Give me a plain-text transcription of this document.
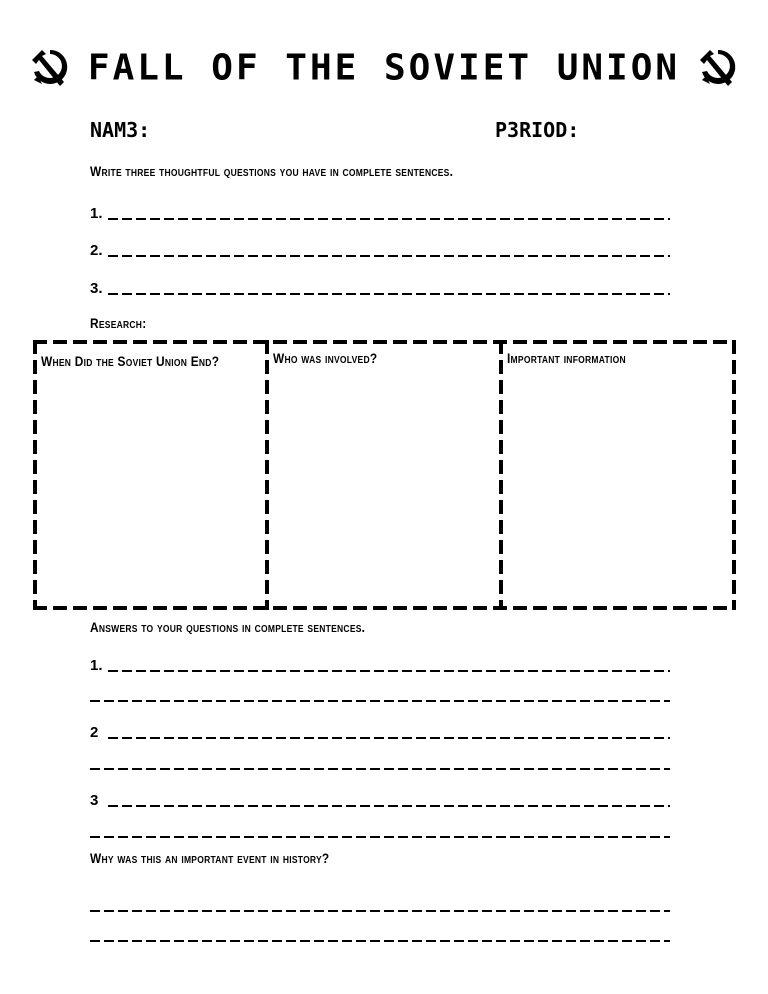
FALL OF THE SOVIET UNION
NAM3:	P3RIOD:
Write three thoughtful questions you have in complete sentences.
1.
2.
3.
Research:
When Did the Soviet Union End?	Who was involved?	Important information
Answers to your questions in complete sentences.
1.
2
3
Why was this an important event in history?
